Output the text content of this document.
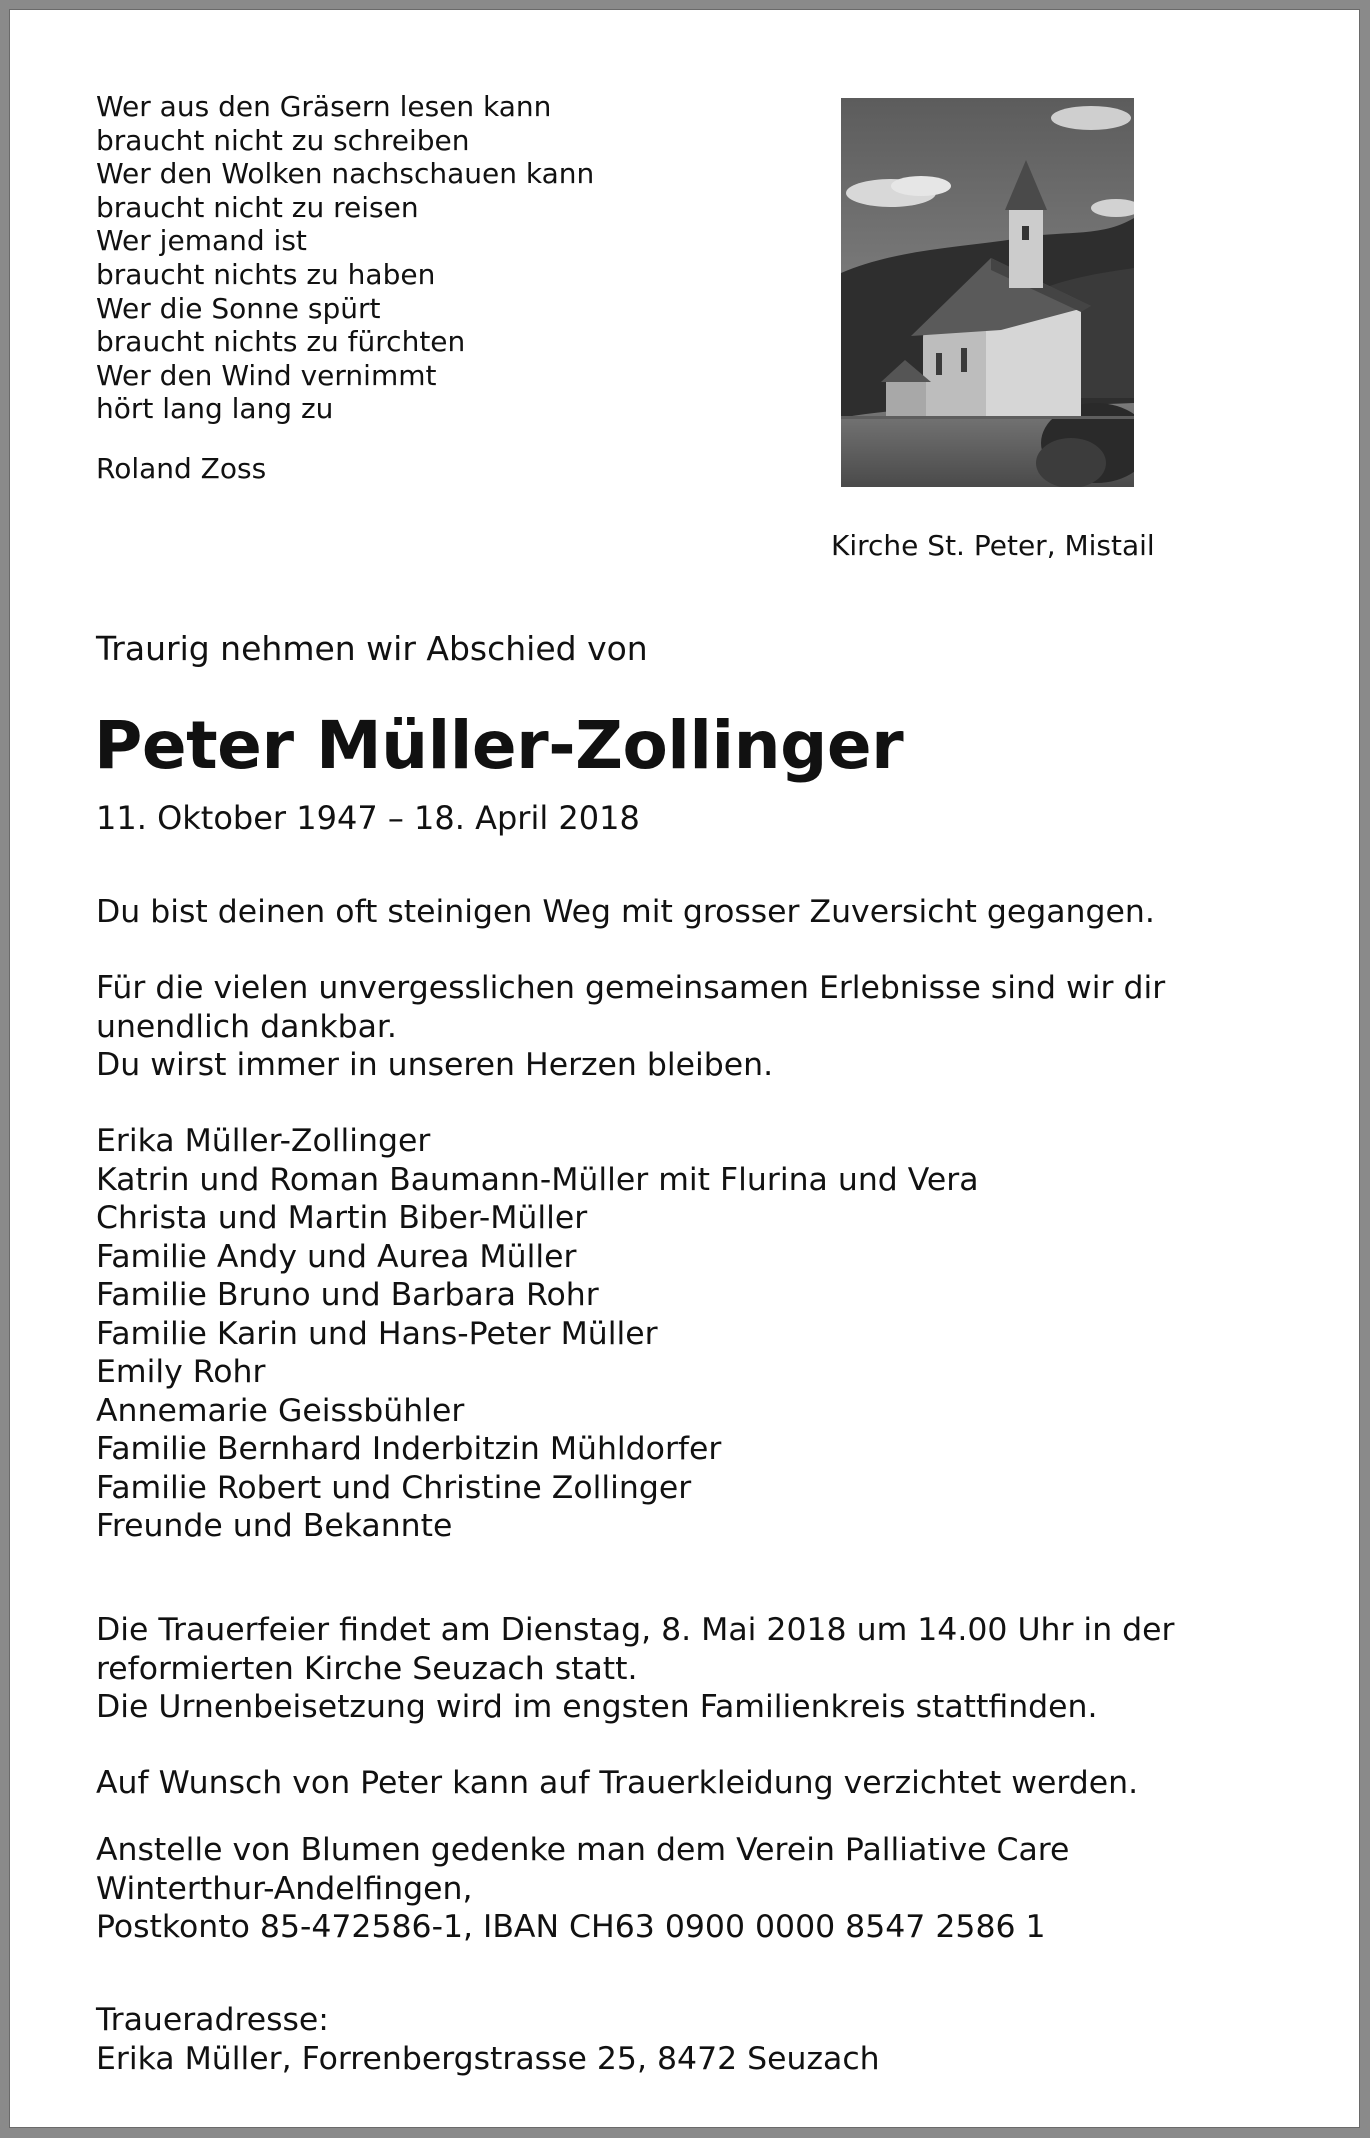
Wer aus den Gräsern lesen kann
braucht nicht zu schreiben
Wer den Wolken nachschauen kann
braucht nicht zu reisen
Wer jemand ist
braucht nichts zu haben
Wer die Sonne spürt
braucht nichts zu fürchten
Wer den Wind vernimmt
hört lang lang zu

Roland Zoss

Kirche St. Peter, Mistail

Traurig nehmen wir Abschied von

Peter Müller-Zollinger

11. Oktober 1947 – 18. April 2018

Du bist deinen oft steinigen Weg mit grosser Zuversicht gegangen.
Für die vielen unvergesslichen gemeinsamen Erlebnisse sind wir dir
unendlich dankbar.
Du wirst immer in unseren Herzen bleiben.
Erika Müller-Zollinger
Katrin und Roman Baumann-Müller mit Flurina und Vera
Christa und Martin Biber-Müller
Familie Andy und Aurea Müller
Familie Bruno und Barbara Rohr
Familie Karin und Hans-Peter Müller
Emily Rohr
Annemarie Geissbühler
Familie Bernhard Inderbitzin Mühldorfer
Familie Robert und Christine Zollinger
Freunde und Bekannte
Die Trauerfeier findet am Dienstag, 8. Mai 2018 um 14.00 Uhr in der
reformierten Kirche Seuzach statt.
Die Urnenbeisetzung wird im engsten Familienkreis stattfinden.
Auf Wunsch von Peter kann auf Trauerkleidung verzichtet werden.
Anstelle von Blumen gedenke man dem Verein Palliative Care
Winterthur-Andelfingen,
Postkonto 85-472586-1, IBAN CH63 0900 0000 8547 2586 1
Traueradresse:
Erika Müller, Forrenbergstrasse 25, 8472 Seuzach
